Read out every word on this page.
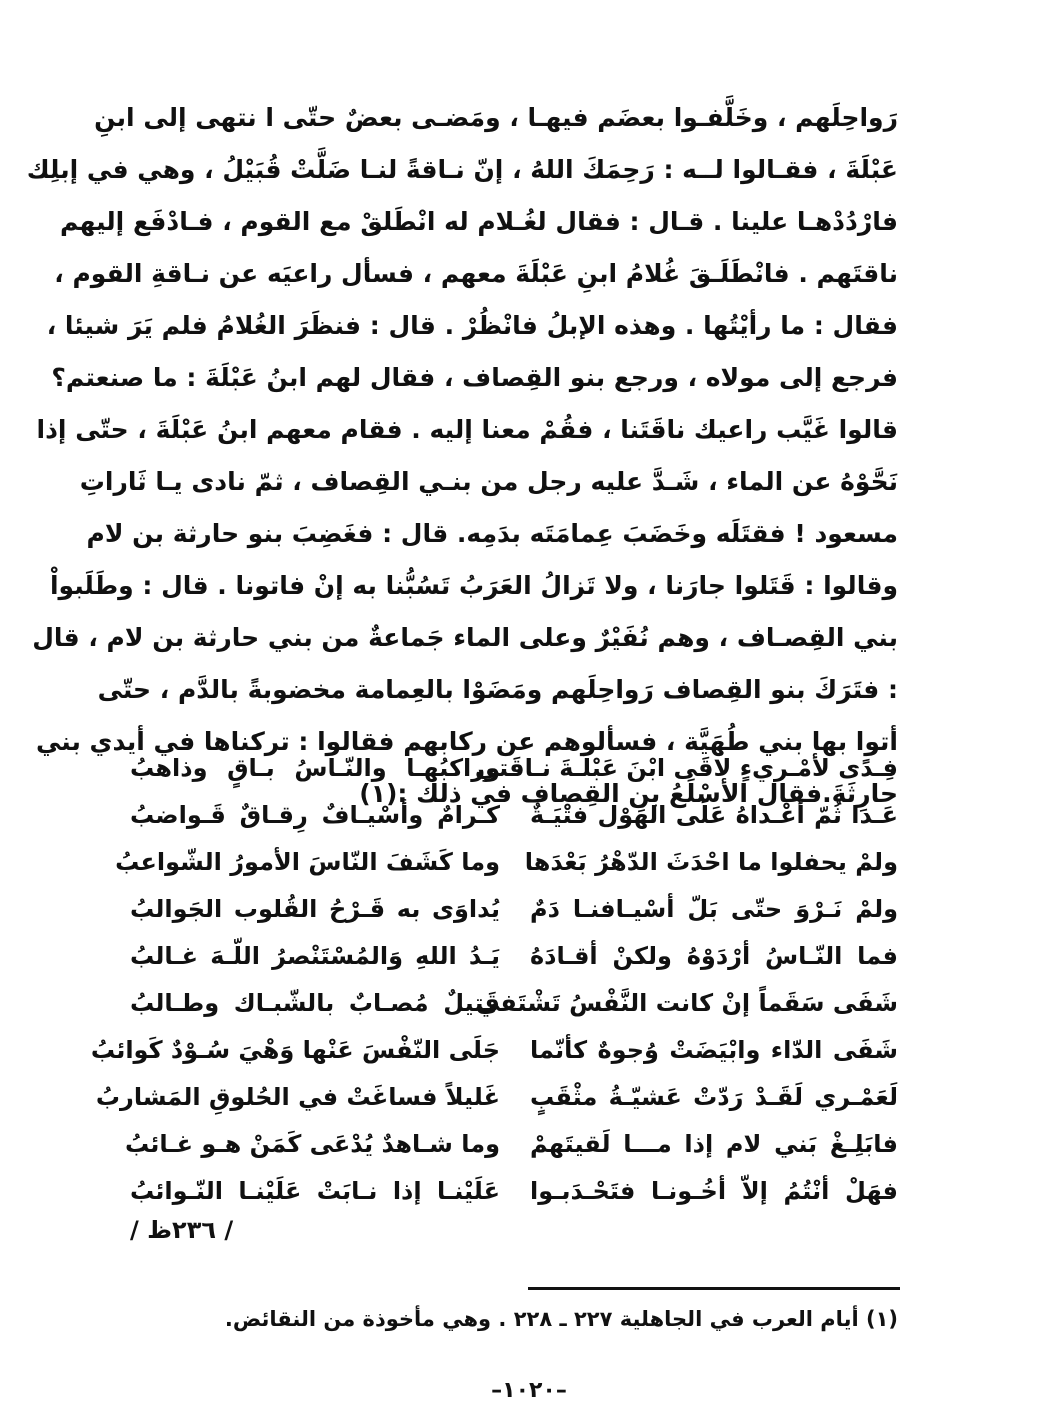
رَواحِلَهم ، وخَلَّفـوا بعضَم فيهـا ، ومَضـى بعضٌ حتّى ا نتهى إلى ابنِ
عَبْلَةَ ، فقـالوا لــه : رَحِمَكَ اللهُ ، إنّ نـاقةً لنـا ضَلَّتْ قُبَيْلُ ، وهي في إبلِك
فارْدُدْهـا علينا . قـال : فقال لغُـلام له انْطَلقْ مع القوم ، فـادْفَع إليهم
ناقتَهم . فانْطَلَـقَ غُلامُ ابنِ عَبْلَةَ معهم ، فسأل راعيَه عن نـاقةِ القوم ،
فقال : ما رأيْتُها . وهذه الإبلُ فانْظُرْ . قال : فنظَرَ الغُلامُ فلم يَرَ شيئا ،
فرجع إلى مولاه ، ورجع بنو القِصاف ، فقال لهم ابنُ عَبْلَةَ : ما صنعتم؟
قالوا غَيَّب راعيك ناقَتَنا ، فقُمْ معنا إليه . فقام معهم ابنُ عَبْلَةَ ، حتّى إذا
نَحَّوْهُ عن الماء ، شَـدَّ عليه رجل من بنـي القِصاف ، ثمّ نادى يـا ثَاراتِ
مسعود ! فقتَلَه وخَضَبَ عِمامَتَه بدَمِه. قال : فغَضِبَ بنو حارثة بن لام
وقالوا : قَتَلوا جارَنا ، ولا تَزالُ العَرَبُ تَسُبُّنا به إنْ فاتونا . قال : وطَلَبواْ
بني القِصـاف ، وهم نُفَيْرٌ وعلى الماء جَماعةٌ من بني حارثة بن لام ، قال
: فتَرَكَ بنو القِصاف رَواحِلَهم ومَضَوْا بالعِمامة مخضوبةً بالدَّم ، حتّى
أتوا بها بني طُهَيَّة ، فسألوهم عن ركابهم فقالوا : تركناها في أيدي بني
حارِثَةَ.فقال الأسْلَعُ بن القِصاف في ذلك :(١)
فِـدًى لأمْـريءٍ لاقَى ابْنَ عَبْلَـةَ نـاقَتي
وراكبُهـا والنّـاسُ بـاقٍ وذاهبُ
عَـدا ثُمّ أعْـداهُ عَلَى الهَوْل فتْيَـةٌ
كـرامٌ وأسْيـافٌ رِقـاقٌ قَـواضبُ
ولمْ يحفلوا ما احْدَثَ الدّهْرُ بَعْدَها
وما كَشَفَ النّاسَ الأمورُ الشّواعبُ
ولمْ نَـرْوَ حتّى بَلّ أسْيـافنـا دَمٌ
يُداوَى به قَـرْحُ القُلوب الجَوالبُ
فما النّـاسُ أرْدَوْهُ ولكنْ أقـادَهُ
يَـدُ اللهِ وَالمُسْتَنْصرُ اللّـهَ غـالبُ
شَفَى سَقَماً إنْ كانت النَّفْسُ تَشْتَفي
قَتيلٌ مُصـابٌ بالشّبـاك وطـالبُ
شَفَى الدّاء وابْيَضَتْ وُجوهٌ كأنّما
جَلَى النّفْسَ عَنْها وَهْيَ سُـوْدٌ كَوائبُ
لَعَمْـري لَقَـدْ رَدّتْ عَشيّـةُ مثْقَبٍ
غَليلاً فساغَتْ في الحُلوقِ المَشاربُ
فابَلِـغْ بَني لام إذا مـــا لَقيتَهمْ
وما شـاهدٌ يُدْعَى كَمَنْ هـو غـائبُ
فهَلْ أنْتُمُ إلاّ أخُـونـا فتَحْـدَبـوا
عَلَيْنـا إذا نـابَتْ عَلَيْنـا النّـوائبُ
/ ٢٣٦ظ /
(١) أيام العرب في الجاهلية ٢٢٧ ـ ٢٢٨ . وهي مأخوذة من النقائض.
–١٠٢٠–
